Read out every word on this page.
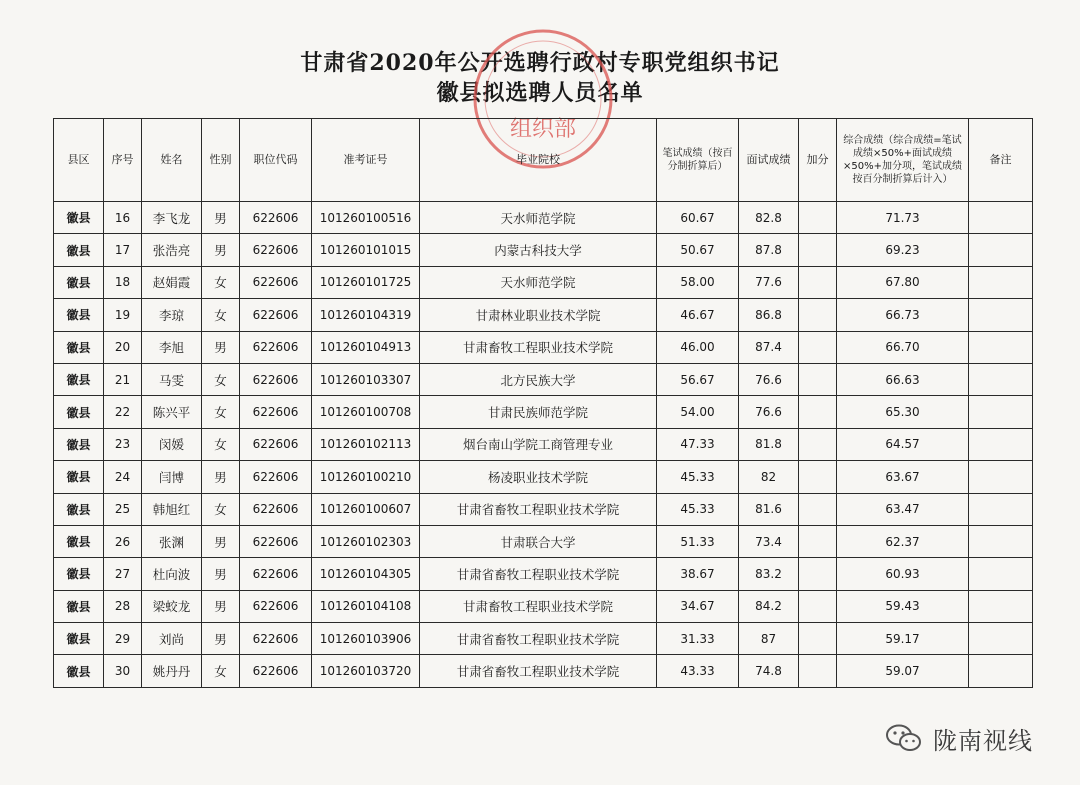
甘肃省2020年公开选聘行政村专职党组织书记
徽县拟选聘人员名单
组织部
县区	序号	姓名	性别	职位代码	准考证号	毕业院校	笔试成绩（按百分制折算后）	面试成绩	加分	综合成绩（综合成绩=笔试成绩×50%+面试成绩×50%+加分项，笔试成绩按百分制折算后计入）	备注
徽县	16	李飞龙	男	622606	101260100516	天水师范学院	60.67	82.8		71.73	
徽县	17	张浩亮	男	622606	101260101015	内蒙古科技大学	50.67	87.8		69.23	
徽县	18	赵娟霞	女	622606	101260101725	天水师范学院	58.00	77.6		67.80	
徽县	19	李琼	女	622606	101260104319	甘肃林业职业技术学院	46.67	86.8		66.73	
徽县	20	李旭	男	622606	101260104913	甘肃畜牧工程职业技术学院	46.00	87.4		66.70	
徽县	21	马雯	女	622606	101260103307	北方民族大学	56.67	76.6		66.63	
徽县	22	陈兴平	女	622606	101260100708	甘肃民族师范学院	54.00	76.6		65.30	
徽县	23	闵媛	女	622606	101260102113	烟台南山学院工商管理专业	47.33	81.8		64.57	
徽县	24	闫博	男	622606	101260100210	杨凌职业技术学院	45.33	82		63.67	
徽县	25	韩旭红	女	622606	101260100607	甘肃省畜牧工程职业技术学院	45.33	81.6		63.47	
徽县	26	张渊	男	622606	101260102303	甘肃联合大学	51.33	73.4		62.37	
徽县	27	杜向波	男	622606	101260104305	甘肃省畜牧工程职业技术学院	38.67	83.2		60.93	
徽县	28	梁蛟龙	男	622606	101260104108	甘肃畜牧工程职业技术学院	34.67	84.2		59.43	
徽县	29	刘尚	男	622606	101260103906	甘肃省畜牧工程职业技术学院	31.33	87		59.17	
徽县	30	姚丹丹	女	622606	101260103720	甘肃省畜牧工程职业技术学院	43.33	74.8		59.07	
陇南视线
